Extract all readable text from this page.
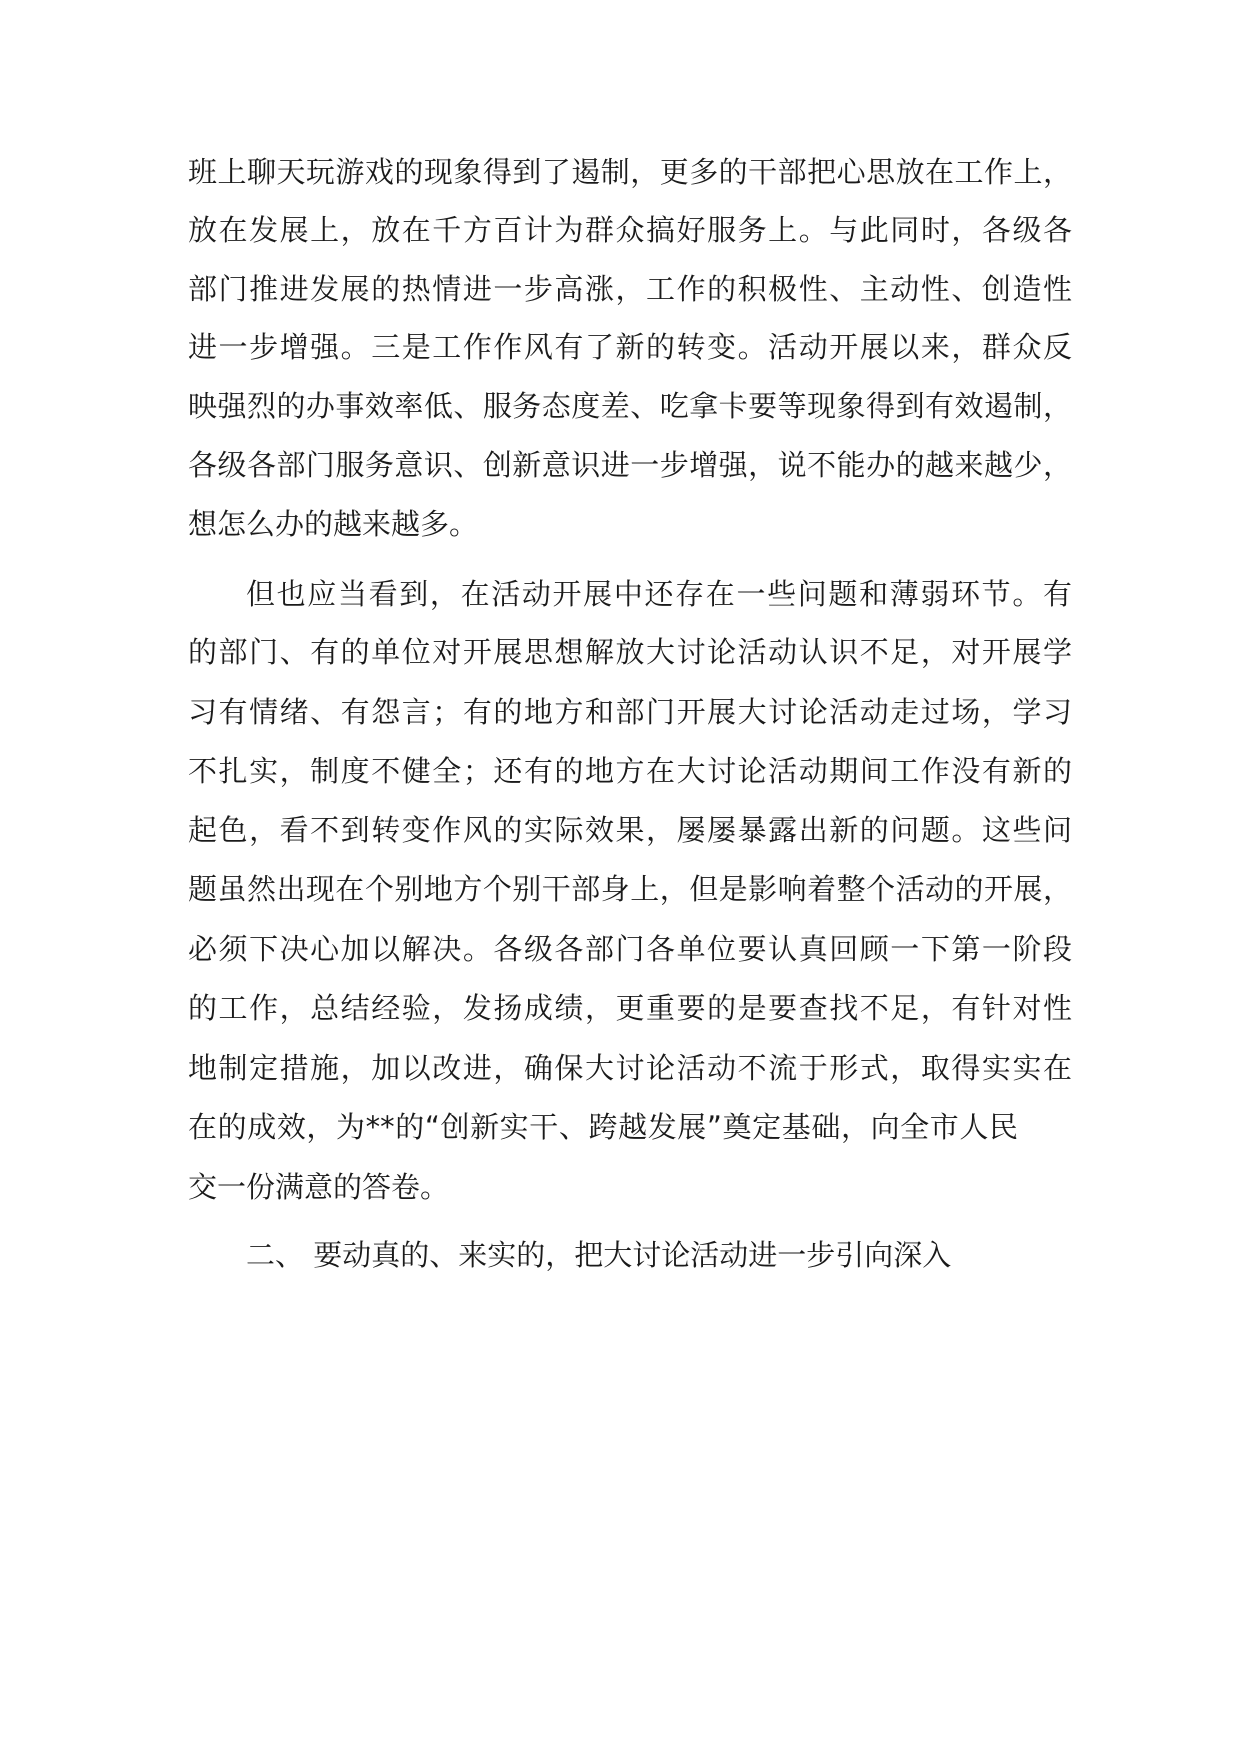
班上聊天玩游戏的现象得到了遏制，更多的干部把心思放在工作上，

放在发展上，放在千方百计为群众搞好服务上。与此同时，各级各

部门推进发展的热情进一步高涨，工作的积极性、主动性、创造性

进一步增强。三是工作作风有了新的转变。活动开展以来，群众反

映强烈的办事效率低、服务态度差、吃拿卡要等现象得到有效遏制，

各级各部门服务意识、创新意识进一步增强，说不能办的越来越少，

想怎么办的越来越多。

但也应当看到，在活动开展中还存在一些问题和薄弱环节。有

的部门、有的单位对开展思想解放大讨论活动认识不足，对开展学

习有情绪、有怨言；有的地方和部门开展大讨论活动走过场，学习

不扎实，制度不健全；还有的地方在大讨论活动期间工作没有新的

起色，看不到转变作风的实际效果，屡屡暴露出新的问题。这些问

题虽然出现在个别地方个别干部身上，但是影响着整个活动的开展，

必须下决心加以解决。各级各部门各单位要认真回顾一下第一阶段

的工作，总结经验，发扬成绩，更重要的是要查找不足，有针对性

地制定措施，加以改进，确保大讨论活动不流于形式，取得实实在

在的成效，为**的“创新实干、跨越发展”奠定基础，向全市人民

交一份满意的答卷。

二、 要动真的、来实的，把大讨论活动进一步引向深入
